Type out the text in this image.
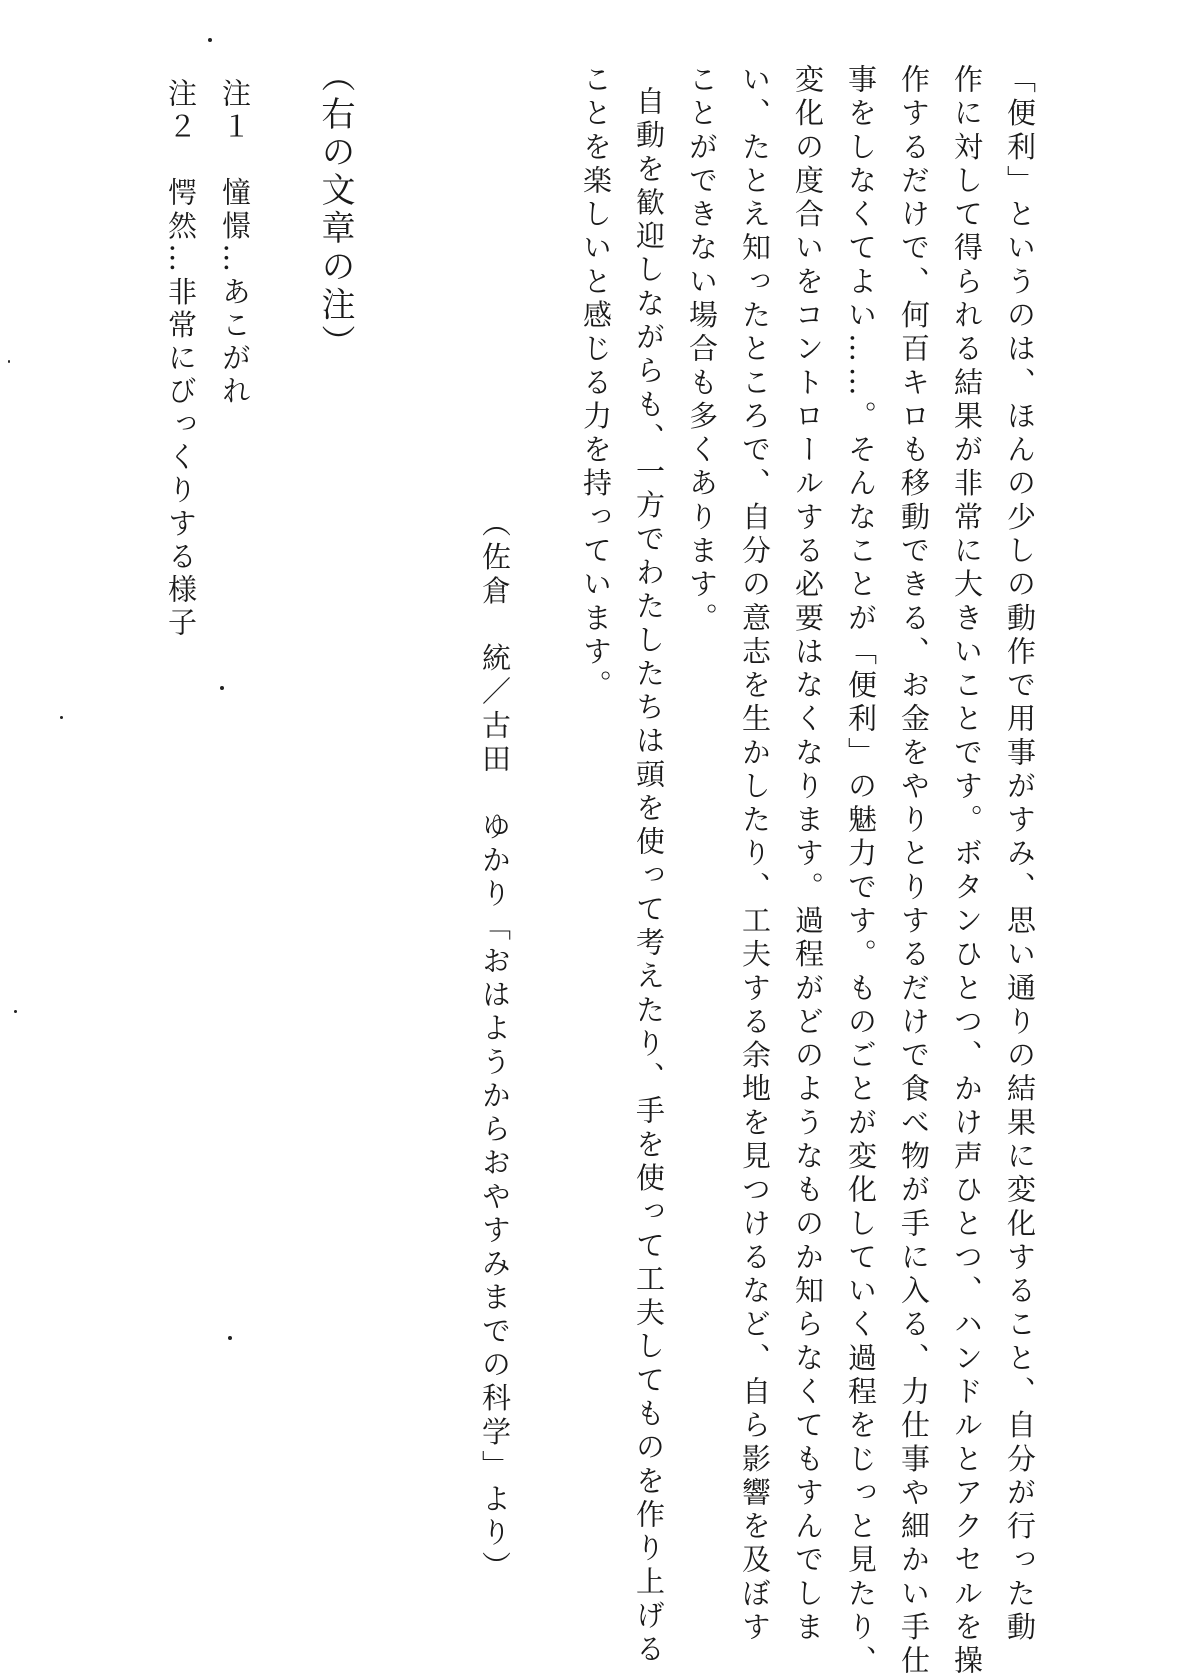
「便利」というのは、ほんの少しの動作で用事がすみ、思い通りの結果に変化すること、自分が行った動
作に対して得られる結果が非常に大きいことです。ボタンひとつ、かけ声ひとつ、ハンドルとアクセルを操
作するだけで、何百キロも移動できる、お金をやりとりするだけで食べ物が手に入る、力仕事や細かい手仕
事をしなくてよい……。そんなことが「便利」の魅力です。ものごとが変化していく過程をじっと見たり、
変化の度合いをコントロールする必要はなくなります。過程がどのようなものか知らなくてもすんでしま
い、たとえ知ったところで、自分の意志を生かしたり、工夫する余地を見つけるなど、自ら影響を及ぼす
ことができない場合も多くあります。
自動を歓迎しながらも、一方でわたしたちは頭を使って考えたり、手を使って工夫してものを作り上げる
ことを楽しいと感じる力を持っています。
（佐倉　統／古田　ゆかり「おはようからおやすみまでの科学」より）
（右の文章の注）
注１　憧憬…あこがれ
注２　愕然…非常にびっくりする様子
